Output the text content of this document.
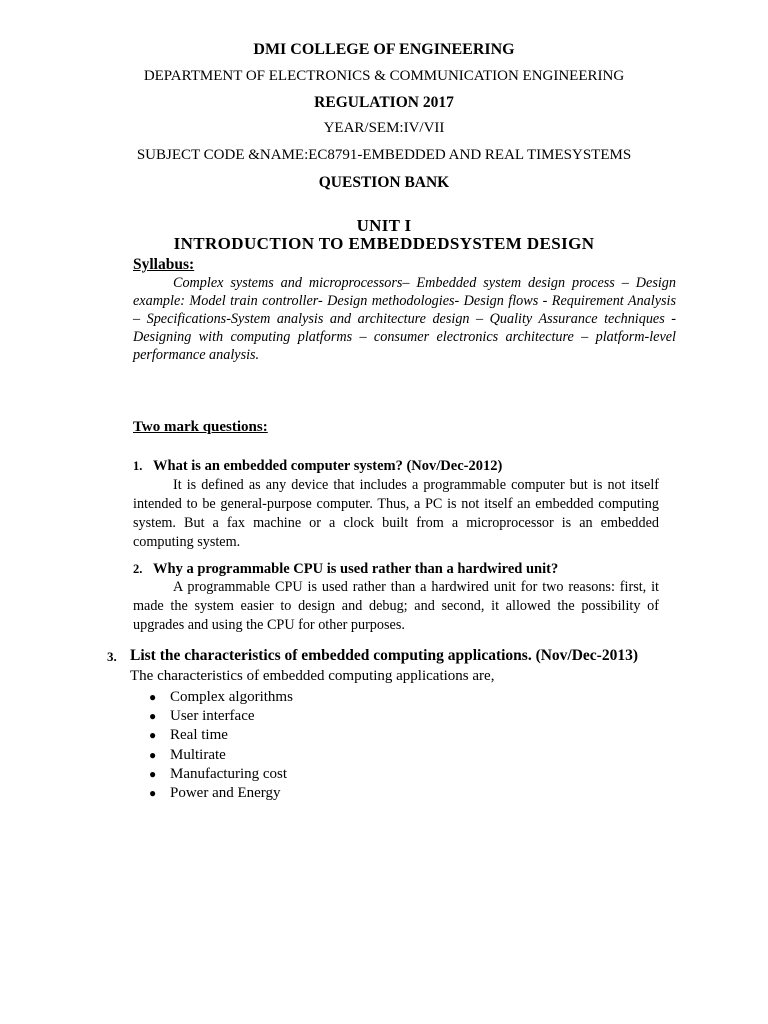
DMI COLLEGE OF ENGINEERING
DEPARTMENT OF ELECTRONICS & COMMUNICATION ENGINEERING
REGULATION 2017
YEAR/SEM:IV/VII
SUBJECT CODE &NAME:EC8791-EMBEDDED AND REAL TIMESYSTEMS
QUESTION BANK
UNIT I
INTRODUCTION TO EMBEDDEDSYSTEM DESIGN
Syllabus:
Complex systems and microprocessors– Embedded system design process – Design example: Model train controller- Design methodologies- Design flows - Requirement Analysis – Specifications-System analysis and architecture design – Quality Assurance techniques - Designing with computing platforms – consumer electronics architecture – platform-level performance analysis.
Two mark questions:
1. What is an embedded computer system? (Nov/Dec-2012)
It is defined as any device that includes a programmable computer but is not itself intended to be general-purpose computer. Thus, a PC is not itself an embedded computing system. But a fax machine or a clock built from a microprocessor is an embedded computing system.
2. Why a programmable CPU is used rather than a hardwired unit?
A programmable CPU is used rather than a hardwired unit for two reasons: first, it made the system easier to design and debug; and second, it allowed the possibility of upgrades and using the CPU for other purposes.
3. List the characteristics of embedded computing applications. (Nov/Dec-2013)
The characteristics of embedded computing applications are,
● Complex algorithms
● User interface
● Real time
● Multirate
● Manufacturing cost
● Power and Energy
